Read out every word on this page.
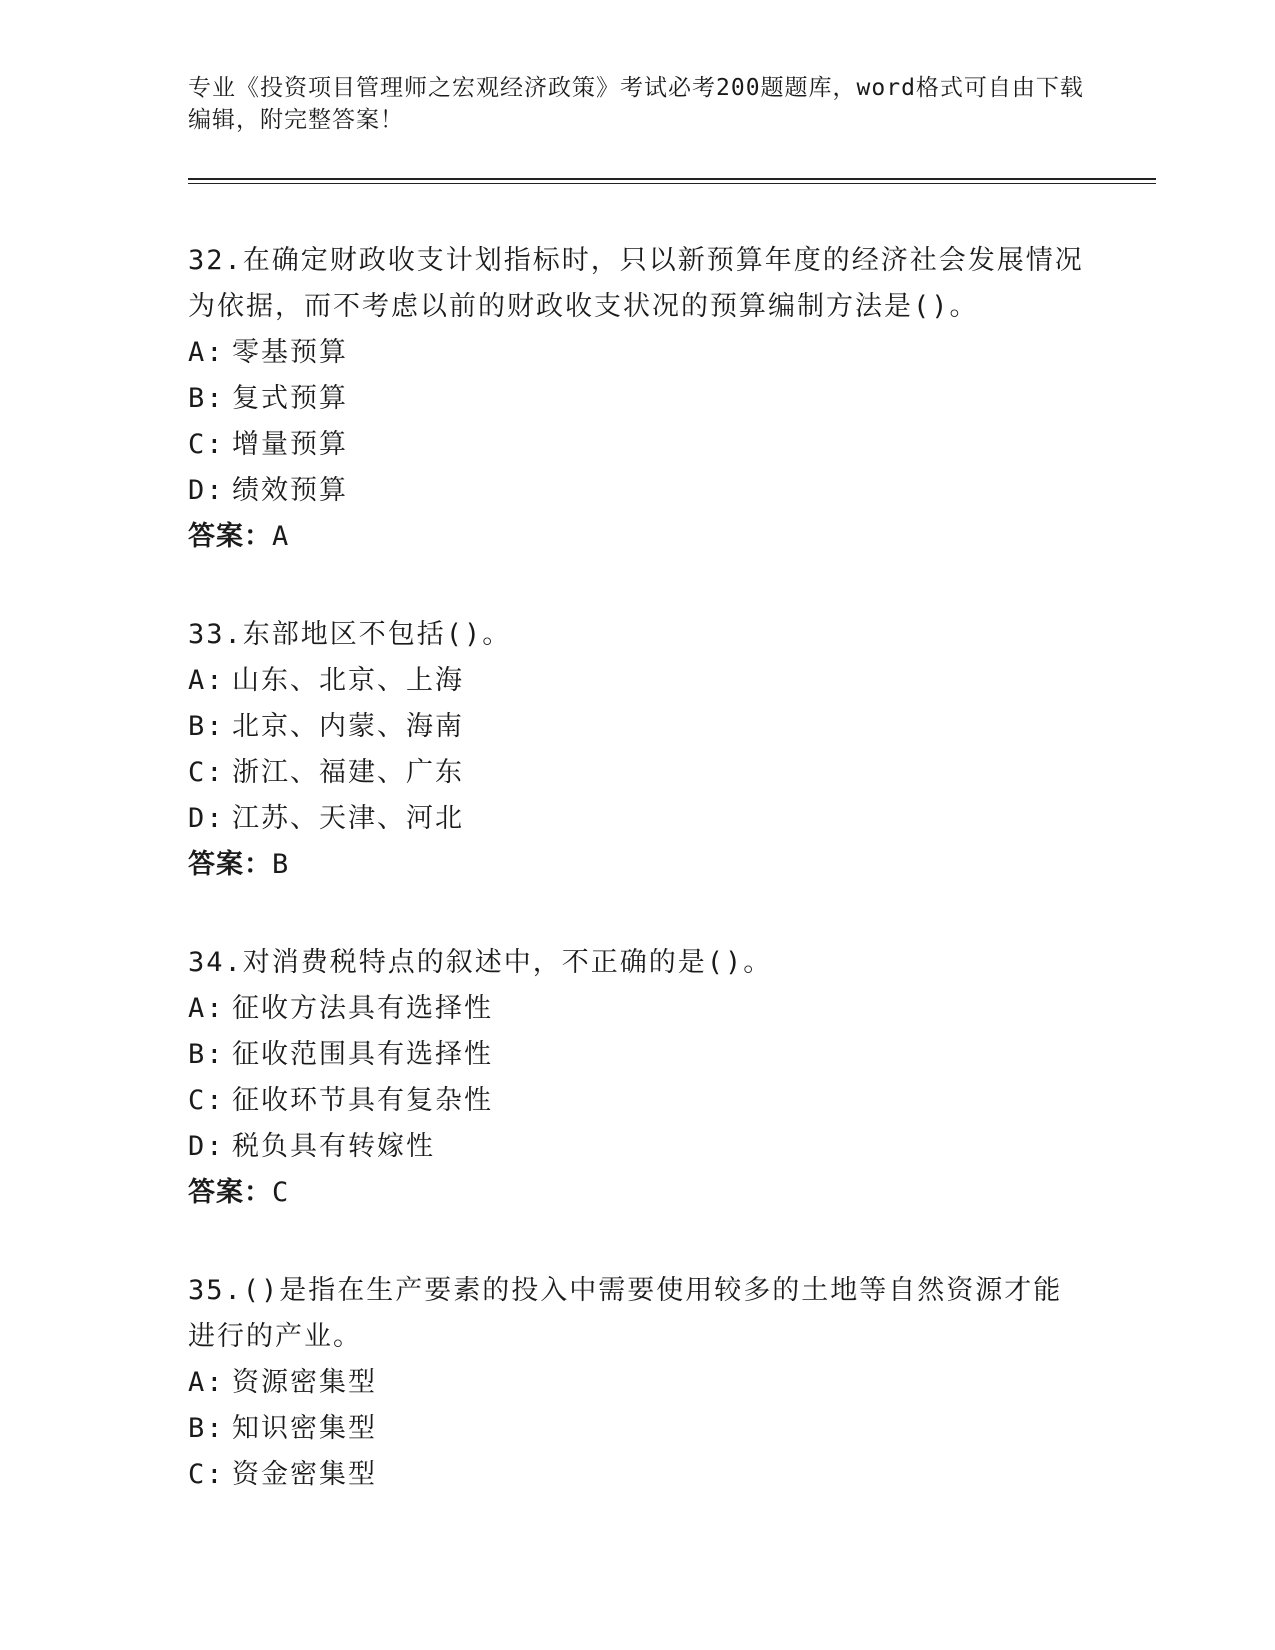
专业《投资项目管理师之宏观经济政策》考试必考200题题库，word格式可自由下载编辑，附完整答案！

32.在确定财政收支计划指标时，只以新预算年度的经济社会发展情况为依据，而不考虑以前的财政收支状况的预算编制方法是()。

A: 零基预算

B: 复式预算

C: 增量预算

D: 绩效预算

答案：A

33.东部地区不包括()。

A: 山东、北京、上海

B: 北京、内蒙、海南

C: 浙江、福建、广东

D: 江苏、天津、河北

答案：B

34.对消费税特点的叙述中，不正确的是()。

A: 征收方法具有选择性

B: 征收范围具有选择性

C: 征收环节具有复杂性

D: 税负具有转嫁性

答案：C

35.()是指在生产要素的投入中需要使用较多的土地等自然资源才能进行的产业。

A: 资源密集型

B: 知识密集型

C: 资金密集型
